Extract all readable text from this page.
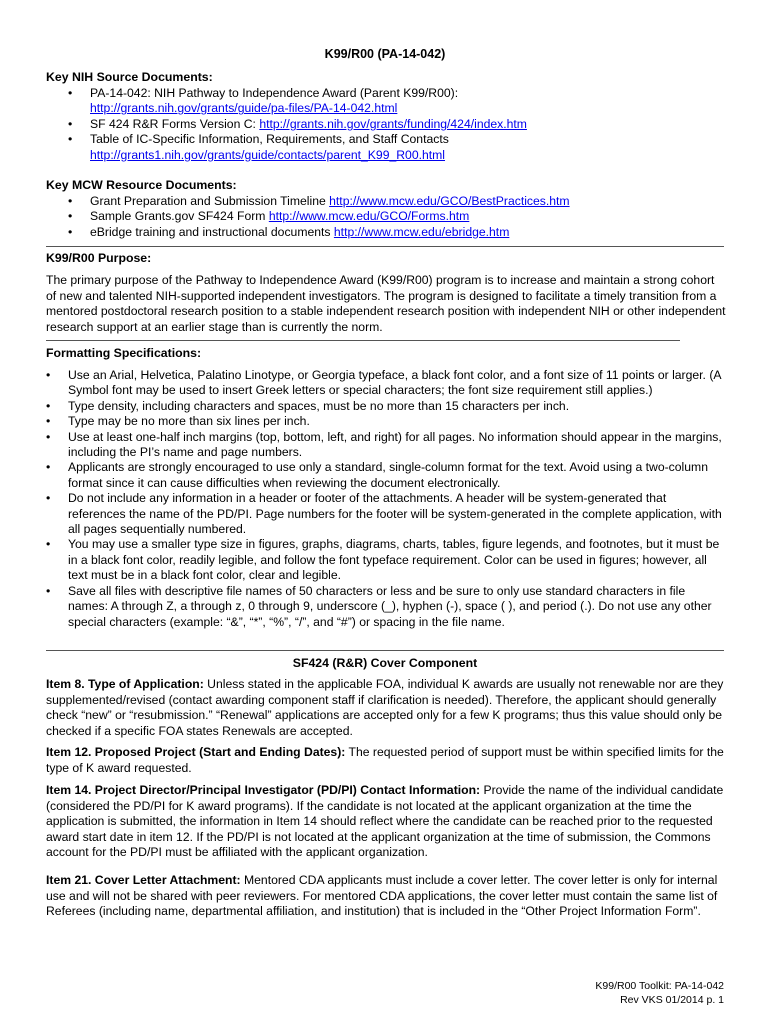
K99/R00 (PA-14-042)
Key NIH Source Documents:
• PA-14-042: NIH Pathway to Independence Award (Parent K99/R00):
http://grants.nih.gov/grants/guide/pa-files/PA-14-042.html
• SF 424 R&R Forms Version C: http://grants.nih.gov/grants/funding/424/index.htm
• Table of IC-Specific Information, Requirements, and Staff Contacts
http://grants1.nih.gov/grants/guide/contacts/parent_K99_R00.html
Key MCW Resource Documents:
• Grant Preparation and Submission Timeline http://www.mcw.edu/GCO/BestPractices.htm
• Sample Grants.gov SF424 Form http://www.mcw.edu/GCO/Forms.htm
• eBridge training and instructional documents http://www.mcw.edu/ebridge.htm
K99/R00 Purpose:
The primary purpose of the Pathway to Independence Award (K99/R00) program is to increase and maintain a strong cohort of new and talented NIH-supported independent investigators. The program is designed to facilitate a timely transition from a mentored postdoctoral research position to a stable independent research position with independent NIH or other independent research support at an earlier stage than is currently the norm.
Formatting Specifications:
• Use an Arial, Helvetica, Palatino Linotype, or Georgia typeface, a black font color, and a font size of 11 points or larger. (A Symbol font may be used to insert Greek letters or special characters; the font size requirement still applies.)
• Type density, including characters and spaces, must be no more than 15 characters per inch.
• Type may be no more than six lines per inch.
• Use at least one-half inch margins (top, bottom, left, and right) for all pages. No information should appear in the margins, including the PI’s name and page numbers.
• Applicants are strongly encouraged to use only a standard, single-column format for the text. Avoid using a two-column format since it can cause difficulties when reviewing the document electronically.
• Do not include any information in a header or footer of the attachments. A header will be system-generated that references the name of the PD/PI. Page numbers for the footer will be system-generated in the complete application, with all pages sequentially numbered.
• You may use a smaller type size in figures, graphs, diagrams, charts, tables, figure legends, and footnotes, but it must be in a black font color, readily legible, and follow the font typeface requirement. Color can be used in figures; however, all text must be in a black font color, clear and legible.
• Save all files with descriptive file names of 50 characters or less and be sure to only use standard characters in file names: A through Z, a through z, 0 through 9, underscore (_), hyphen (-), space ( ), and period (.). Do not use any other special characters (example: “&”, “*”, “%”, “/”, and “#”) or spacing in the file name.
SF424 (R&R) Cover Component
Item 8. Type of Application: Unless stated in the applicable FOA, individual K awards are usually not renewable nor are they supplemented/revised (contact awarding component staff if clarification is needed). Therefore, the applicant should generally check “new” or “resubmission.” “Renewal” applications are accepted only for a few K programs; thus this value should only be checked if a specific FOA states Renewals are accepted.
Item 12. Proposed Project (Start and Ending Dates): The requested period of support must be within specified limits for the type of K award requested.
Item 14. Project Director/Principal Investigator (PD/PI) Contact Information: Provide the name of the individual candidate (considered the PD/PI for K award programs). If the candidate is not located at the applicant organization at the time the application is submitted, the information in Item 14 should reflect where the candidate can be reached prior to the requested award start date in item 12. If the PD/PI is not located at the applicant organization at the time of submission, the Commons account for the PD/PI must be affiliated with the applicant organization.
Item 21. Cover Letter Attachment: Mentored CDA applicants must include a cover letter. The cover letter is only for internal use and will not be shared with peer reviewers. For mentored CDA applications, the cover letter must contain the same list of Referees (including name, departmental affiliation, and institution) that is included in the “Other Project Information Form”.
K99/R00 Toolkit: PA-14-042
Rev VKS 01/2014 p. 1
